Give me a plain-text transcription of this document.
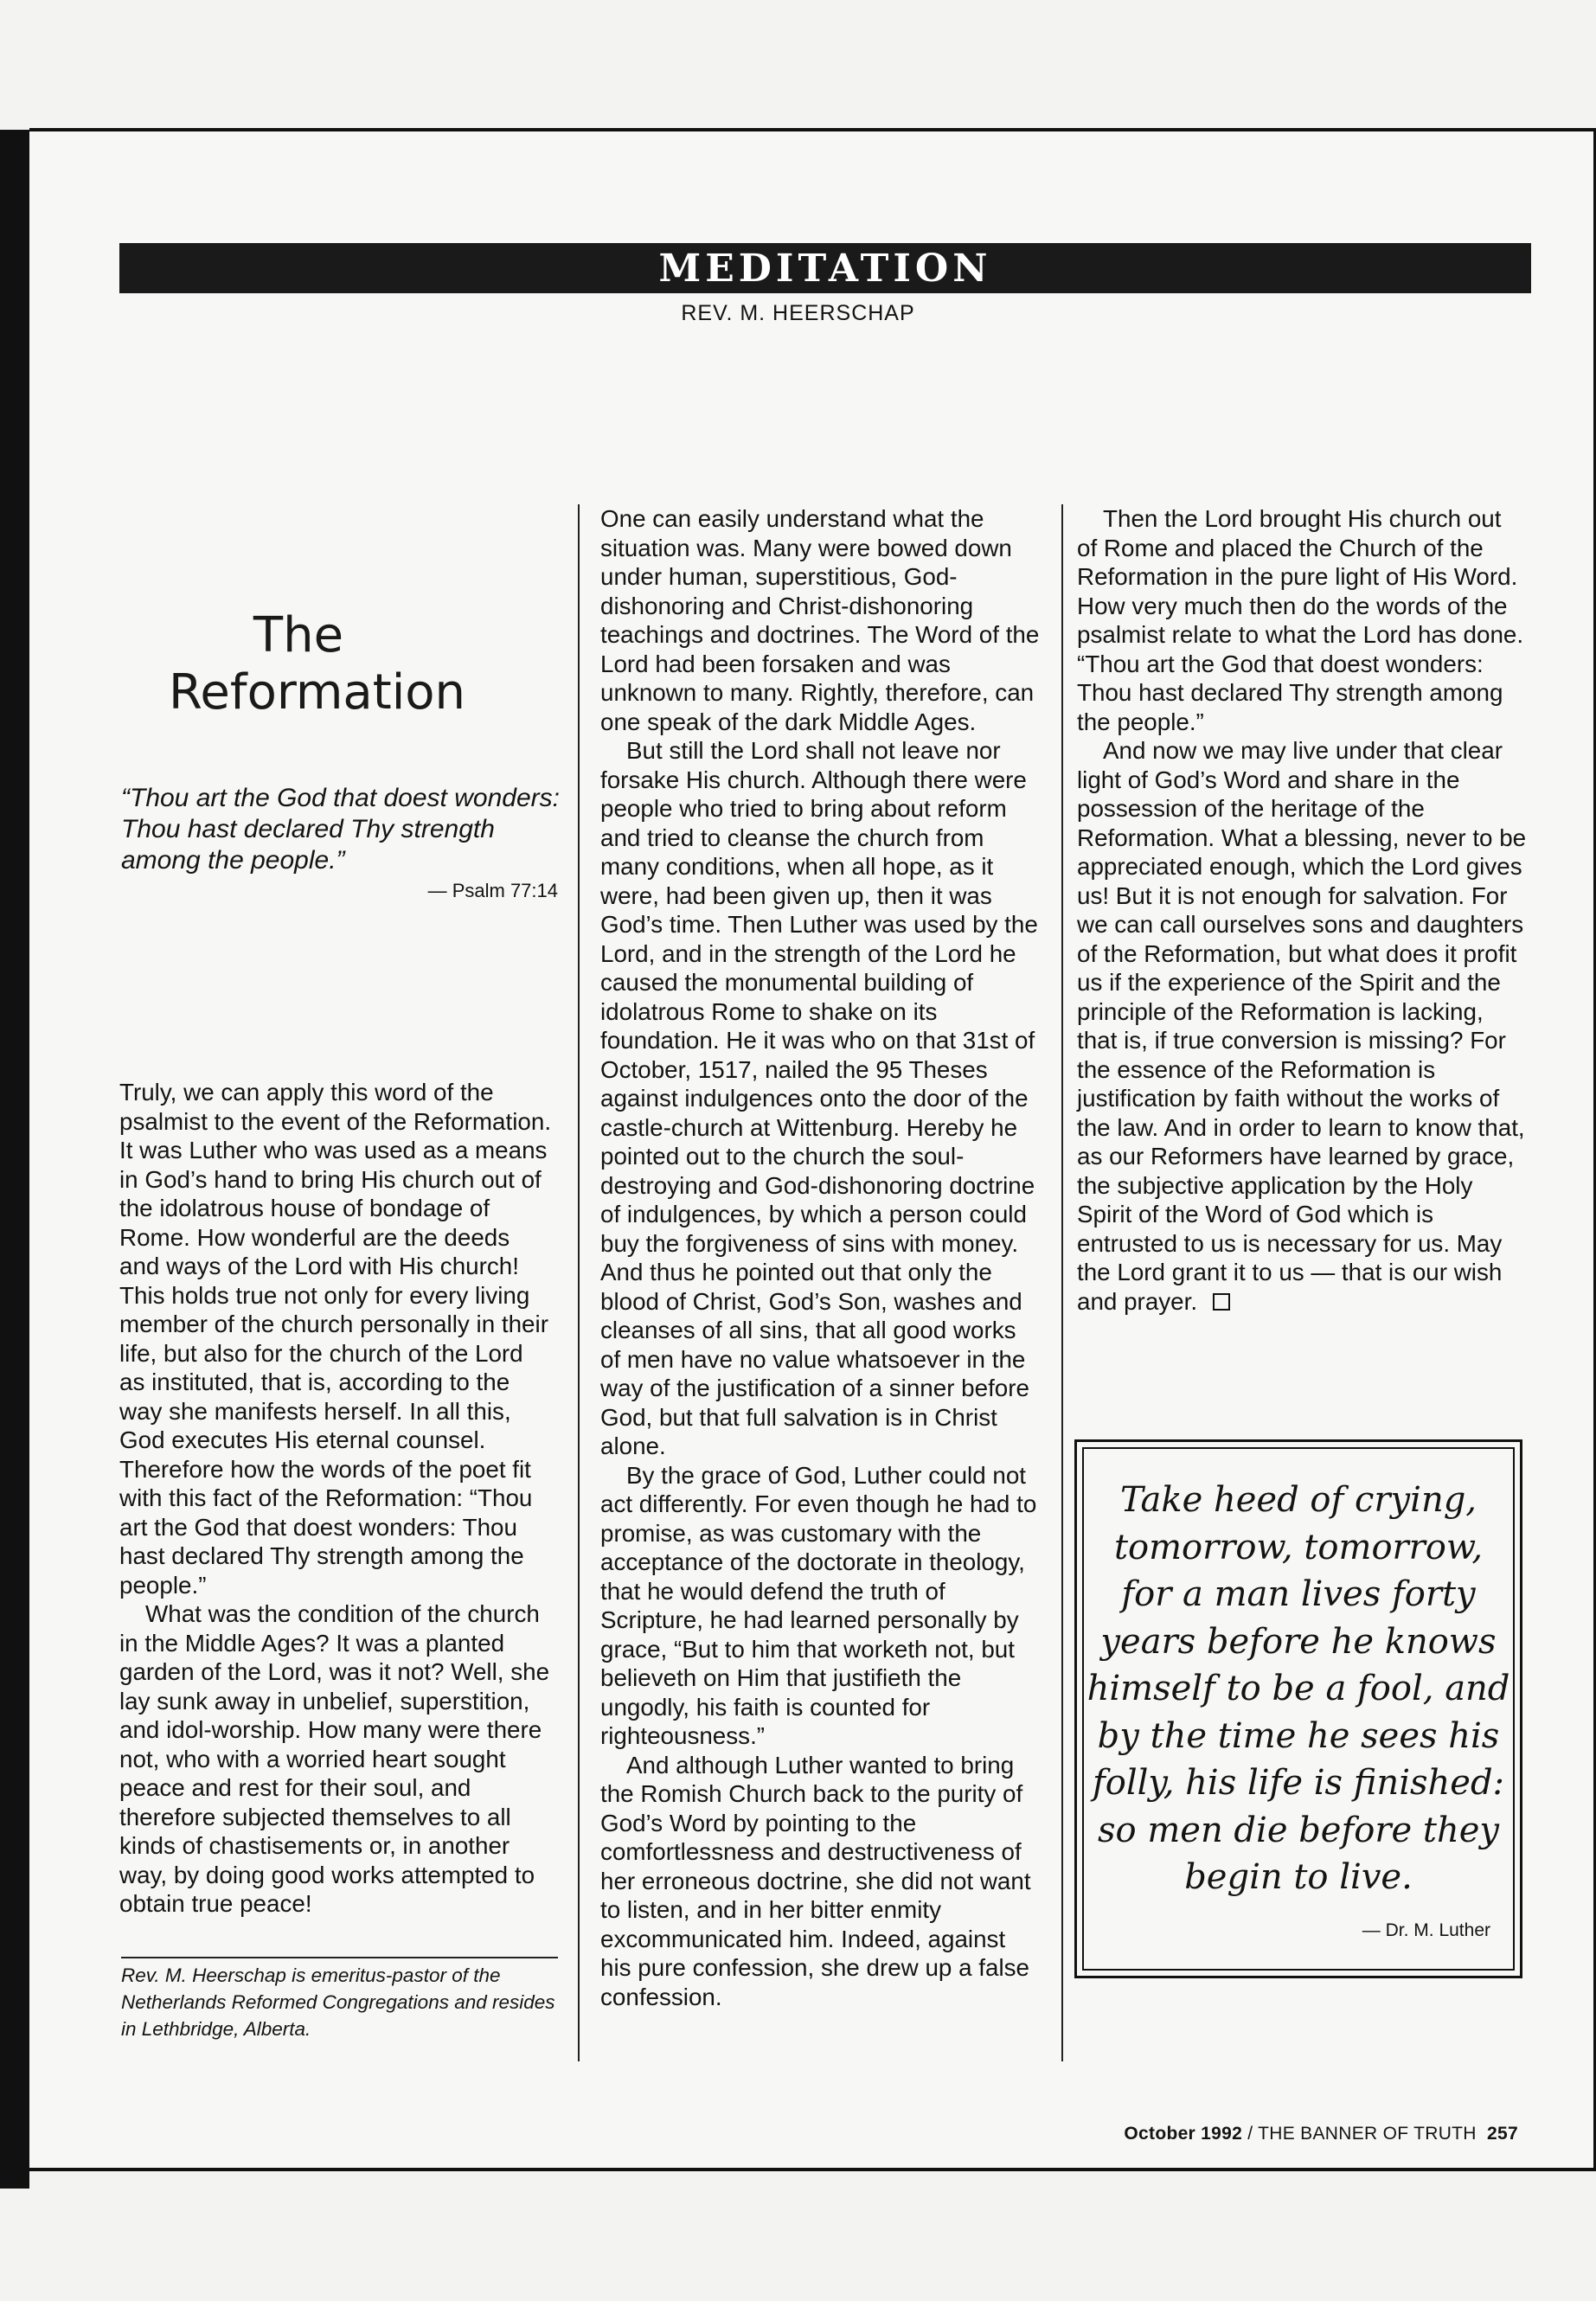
MEDITATION
REV. M. HEERSCHAP
The
Reformation
“Thou art the God that doest wonders: Thou hast declared Thy strength among the people.”
— Psalm 77:14

Truly, we can apply this word of the psalmist to the event of the Reformation. It was Luther who was used as a means in God’s hand to bring His church out of the idolatrous house of bondage of Rome. How wonderful are the deeds and ways of the Lord with His church! This holds true not only for every living member of the church personally in their life, but also for the church of the Lord as instituted, that is, according to the way she manifests herself. In all this, God executes His eternal counsel. Therefore how the words of the poet fit with this fact of the Reformation: “Thou art the God that doest wonders: Thou hast declared Thy strength among the people.”

What was the condition of the church in the Middle Ages? It was a planted garden of the Lord, was it not? Well, she lay sunk away in unbelief, superstition, and idol-worship. How many were there not, who with a worried heart sought peace and rest for their soul, and therefore subjected themselves to all kinds of chastisements or, in another way, by doing good works attempted to obtain true peace!

Rev. M. Heerschap is emeritus-pastor of the Netherlands Reformed Congregations and resides in Lethbridge, Alberta.

One can easily understand what the situation was. Many were bowed down under human, superstitious, God-dishonoring and Christ-dishonoring teachings and doctrines. The Word of the Lord had been forsaken and was unknown to many. Rightly, therefore, can one speak of the dark Middle Ages.

But still the Lord shall not leave nor forsake His church. Although there were people who tried to bring about reform and tried to cleanse the church from many conditions, when all hope, as it were, had been given up, then it was God’s time. Then Luther was used by the Lord, and in the strength of the Lord he caused the monumental building of idolatrous Rome to shake on its foundation. He it was who on that 31st of October, 1517, nailed the 95 Theses against indulgences onto the door of the castle-church at Wittenburg. Hereby he pointed out to the church the soul-destroying and God-dishonoring doctrine of indulgences, by which a person could buy the forgiveness of sins with money. And thus he pointed out that only the blood of Christ, God’s Son, washes and cleanses of all sins, that all good works of men have no value whatsoever in the way of the justification of a sinner before God, but that full salvation is in Christ alone.

By the grace of God, Luther could not act differently. For even though he had to promise, as was customary with the acceptance of the doctorate in theology, that he would defend the truth of Scripture, he had learned personally by grace, “But to him that worketh not, but believeth on Him that justifieth the ungodly, his faith is counted for righteousness.”

And although Luther wanted to bring the Romish Church back to the purity of God’s Word by pointing to the comfortlessness and destructiveness of her erroneous doctrine, she did not want to listen, and in her bitter enmity excommunicated him. Indeed, against his pure confession, she drew up a false confession.

Then the Lord brought His church out of Rome and placed the Church of the Reformation in the pure light of His Word. How very much then do the words of the psalmist relate to what the Lord has done. “Thou art the God that doest wonders: Thou hast declared Thy strength among the people.”

And now we may live under that clear light of God’s Word and share in the possession of the heritage of the Reformation. What a blessing, never to be appreciated enough, which the Lord gives us! But it is not enough for salvation. For we can call ourselves sons and daughters of the Reformation, but what does it profit us if the experience of the Spirit and the principle of the Reformation is lacking, that is, if true conversion is missing? For the essence of the Reformation is justification by faith without the works of the law. And in order to learn to know that, as our Reformers have learned by grace, the subjective application by the Holy Spirit of the Word of God which is entrusted to us is necessary for us. May the Lord grant it to us — that is our wish and prayer.

Take heed of crying, tomorrow, tomorrow, for a man lives forty years before he knows himself to be a fool, and by the time he sees his folly, his life is finished: so men die before they begin to live.
— Dr. M. Luther
October 1992 / THE BANNER OF TRUTH 257
